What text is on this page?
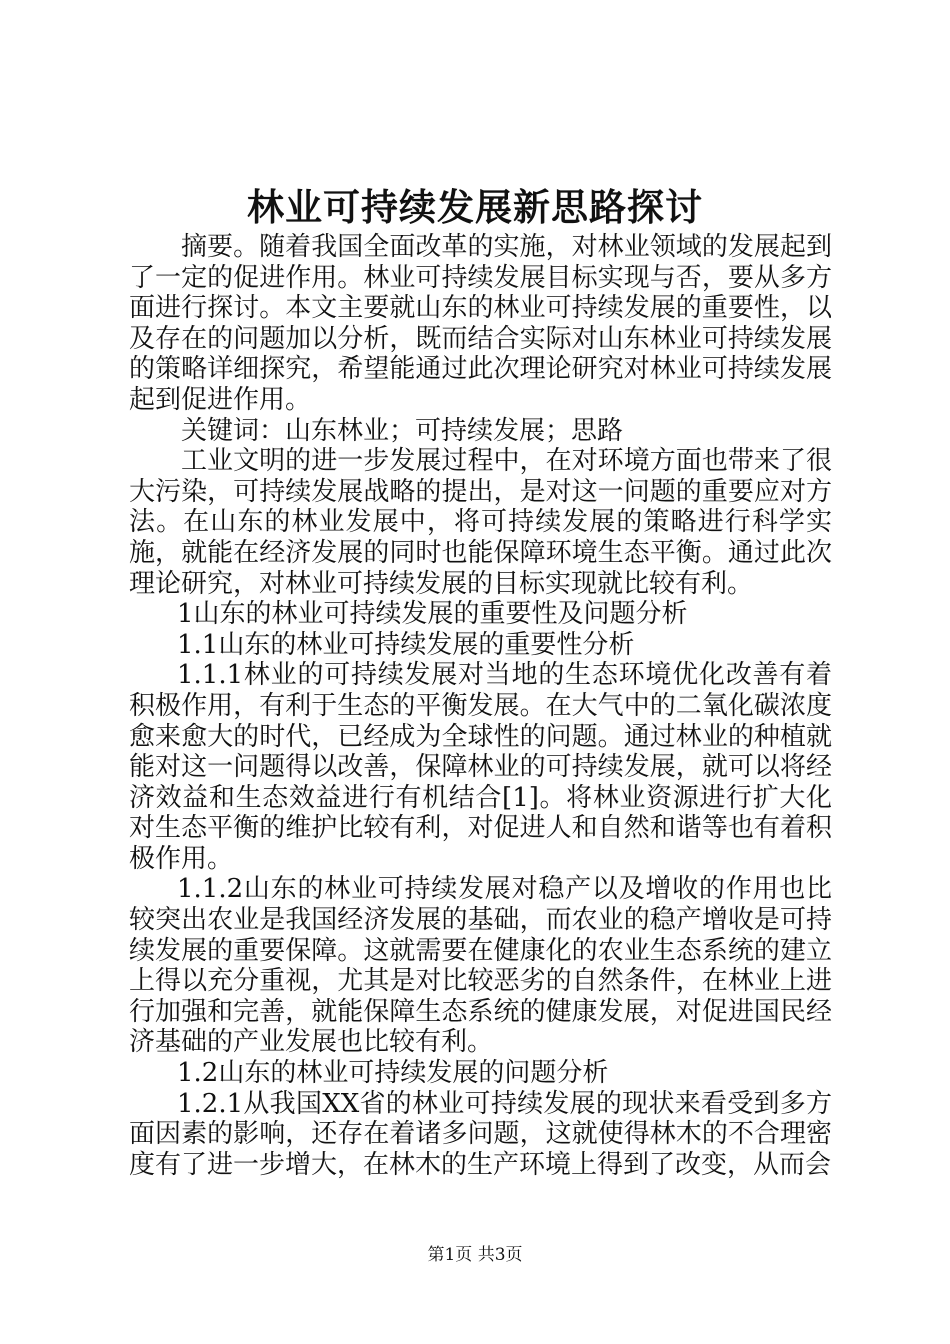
林业可持续发展新思路探讨

摘要。随着我国全面改革的实施，对林业领域的发展起到了一定的促进作用。林业可持续发展目标实现与否，要从多方面进行探讨。本文主要就山东的林业可持续发展的重要性，以及存在的问题加以分析，既而结合实际对山东林业可持续发展的策略详细探究，希望能通过此次理论研究对林业可持续发展起到促进作用。

关键词：山东林业；可持续发展；思路

工业文明的进一步发展过程中，在对环境方面也带来了很大污染，可持续发展战略的提出，是对这一问题的重要应对方法。在山东的林业发展中，将可持续发展的策略进行科学实施，就能在经济发展的同时也能保障环境生态平衡。通过此次理论研究，对林业可持续发展的目标实现就比较有利。

1山东的林业可持续发展的重要性及问题分析

1.1山东的林业可持续发展的重要性分析

1.1.1林业的可持续发展对当地的生态环境优化改善有着积极作用，有利于生态的平衡发展。在大气中的二氧化碳浓度愈来愈大的时代，已经成为全球性的问题。通过林业的种植就能对这一问题得以改善，保障林业的可持续发展，就可以将经济效益和生态效益进行有机结合[1]。将林业资源进行扩大化对生态平衡的维护比较有利，对促进人和自然和谐等也有着积极作用。

1.1.2山东的林业可持续发展对稳产以及增收的作用也比较突出农业是我国经济发展的基础，而农业的稳产增收是可持续发展的重要保障。这就需要在健康化的农业生态系统的建立上得以充分重视，尤其是对比较恶劣的自然条件，在林业上进行加强和完善，就能保障生态系统的健康发展，对促进国民经济基础的产业发展也比较有利。

1.2山东的林业可持续发展的问题分析

1.2.1从我国XX省的林业可持续发展的现状来看受到多方面因素的影响，还存在着诸多问题，这就使得林木的不合理密度有了进一步增大，在林木的生产环境上得到了改变，从而会

第1页 共3页
